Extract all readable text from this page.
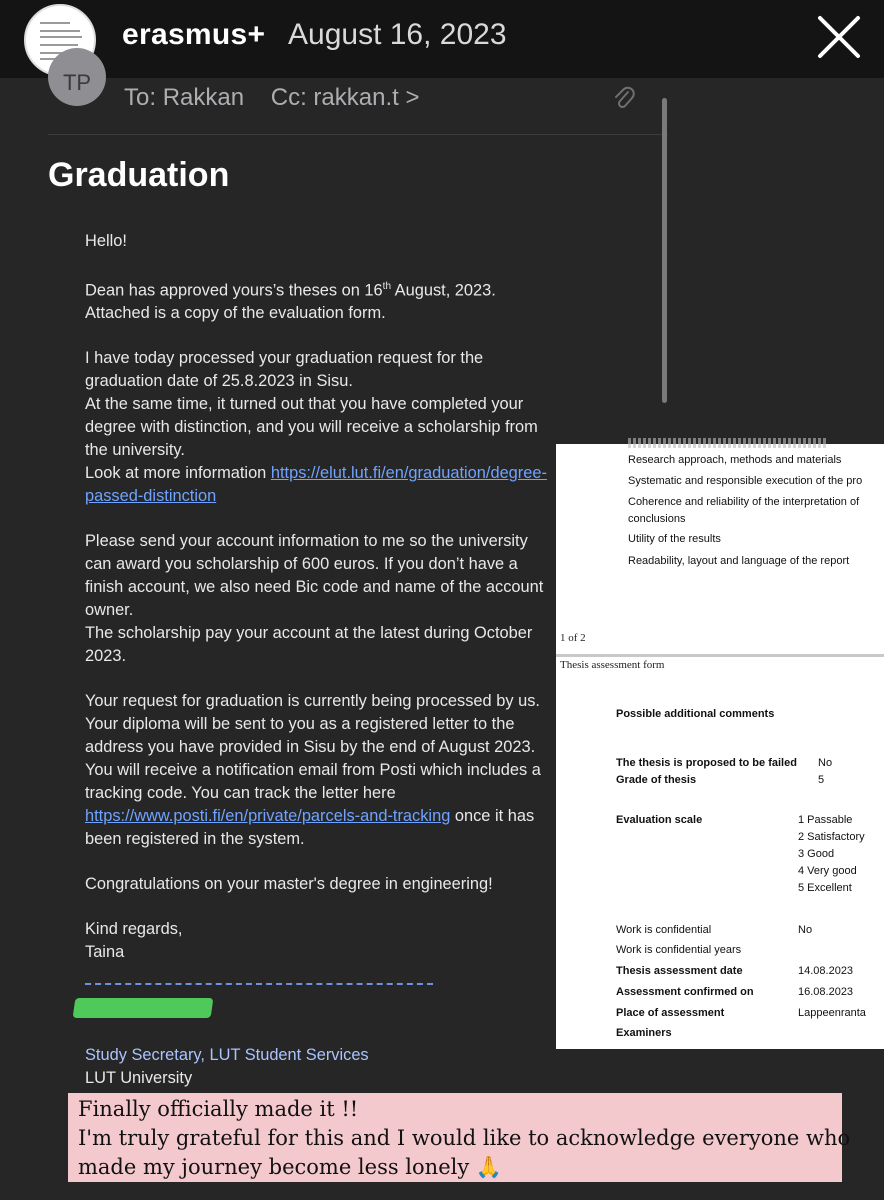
erasmus+ August 16, 2023
TP
To: Rakkan Cc: rakkan.t >
Graduation

Hello!

Dean has approved yours’s theses on 16th August, 2023. Attached is a copy of the evaluation form.

I have today processed your graduation request for the graduation date of 25.8.2023 in Sisu.
At the same time, it turned out that you have completed your degree with distinction, and you will receive a scholarship from the university.
Look at more information https://elut.lut.fi/en/graduation/degree-passed-distinction

Please send your account information to me so the university can award you scholarship of 600 euros. If you don’t have a finish account, we also need Bic code and name of the account owner.
The scholarship pay your account at the latest during October 2023.

Your request for graduation is currently being processed by us. Your diploma will be sent to you as a registered letter to the address you have provided in Sisu by the end of August 2023.
You will receive a notification email from Posti which includes a tracking code. You can track the letter here https://www.posti.fi/en/private/parcels-and-tracking once it has been registered in the system.

Congratulations on your master's degree in engineering!

Kind regards,

Taina

Study Secretary, LUT Student Services
LUT University
Research approach, methods and materials
Systematic and responsible execution of the pro
Coherence and reliability of the interpretation of
conclusions
Utility of the results
Readability, layout and language of the report
1 of 2
Thesis assessment form
Possible additional comments
The thesis is proposed to be failed No
Grade of thesis	5
Evaluation scale	1 Passable
2 Satisfactory
3 Good
4 Very good
5 Excellent
Work is confidential	No
Work is confidential years
Thesis assessment date	14.08.2023
Assessment confirmed on	16.08.2023
Place of assessment	Lappeenranta
Examiners
Finally officially made it !!
I'm truly grateful for this and I would like to acknowledge everyone who
made my journey become less lonely 🙏
